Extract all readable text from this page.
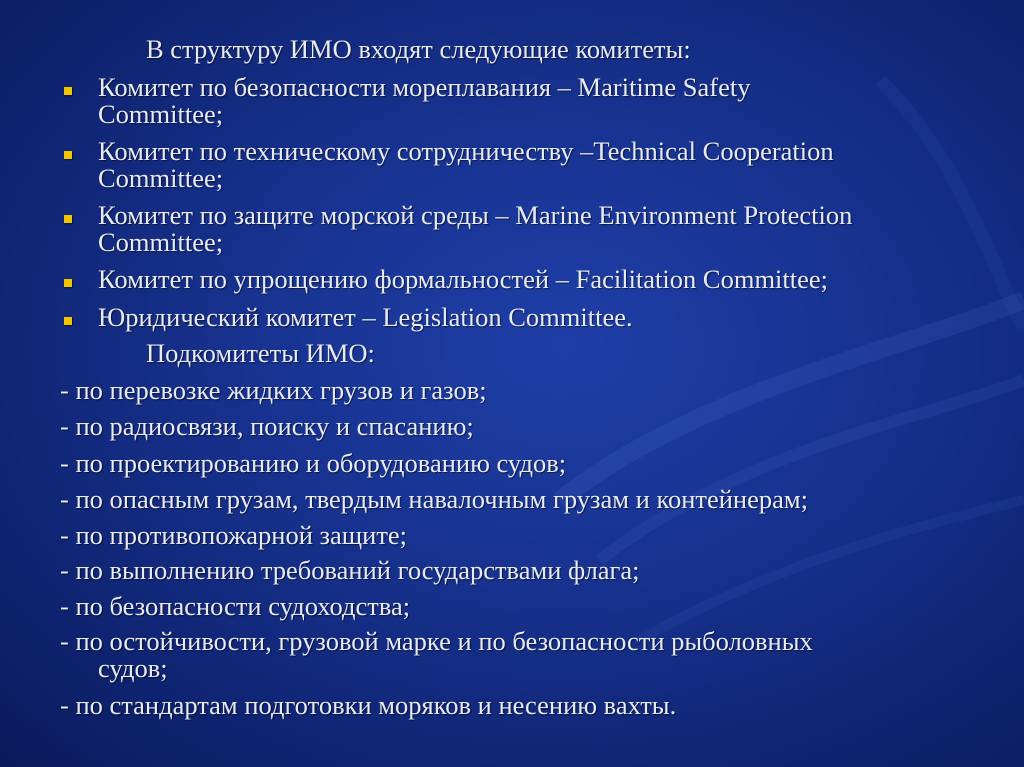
В структуру ИМО входят следующие комитеты:
Комитет по безопасности мореплавания – Maritime Safety
Committee;
Комитет по техническому сотрудничеству –Technical Cooperation
Committee;
Комитет по защите морской среды – Marine Environment Protection
Committee;
Комитет по упрощению формальностей – Facilitation Committee;
Юридический комитет – Legislation Committee.
Подкомитеты ИМО:
- по перевозке жидких грузов и газов;
- по радиосвязи, поиску и спасанию;
- по проектированию и оборудованию судов;
- по опасным грузам, твердым навалочным грузам и контейнерам;
- по противопожарной защите;
- по выполнению требований государствами флага;
- по безопасности судоходства;
- по остойчивости, грузовой марке и по безопасности рыболовных
судов;
- по стандартам подготовки моряков и несению вахты.
